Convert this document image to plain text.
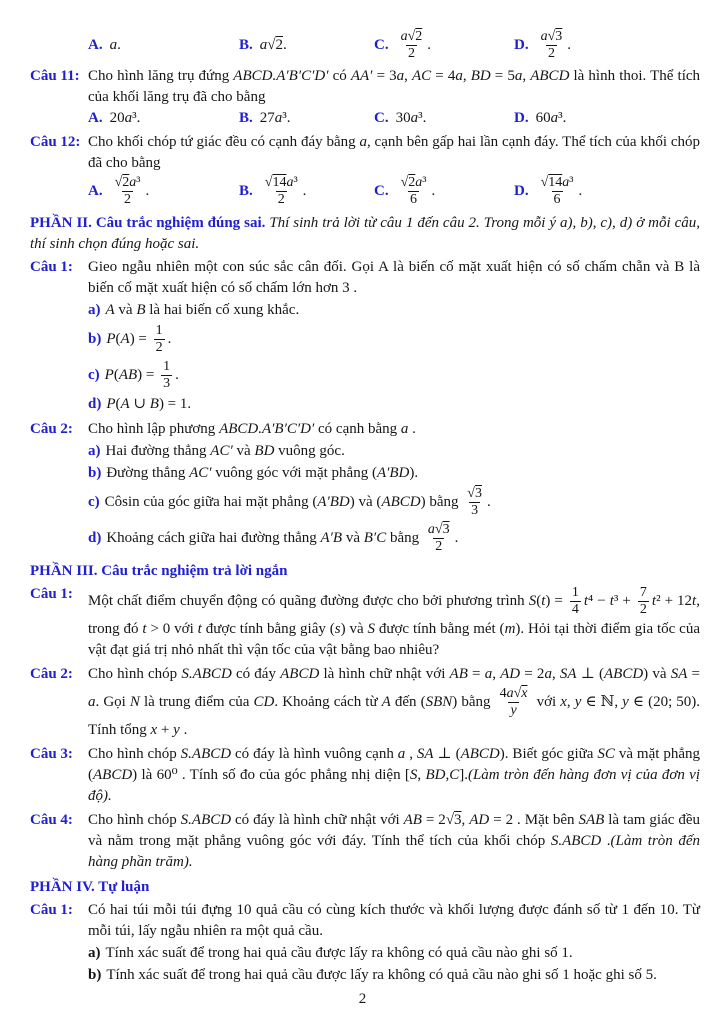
A. a.	B. a√2.	C. $\frac{a√2}{2}$ .	D. $\frac{a√3}{2}$ .
Câu 11: Cho hình lăng trụ đứng ABCD.A′B′C′D′ có AA′ = 3a, AC = 4a, BD = 5a, ABCD là hình thoi. Thể tích của khối lăng trụ đã cho bằng
A. 20a³.	B. 27a³.	C. 30a³.	D. 60a³.
Câu 12: Cho khối chóp tứ giác đều có cạnh đáy bằng a, cạnh bên gấp hai lần cạnh đáy. Thể tích của khối chóp đã cho bằng
A. $\frac{\text{√2a³}}{2}$ .	B. $\frac{\text{√14a³}}{2}$ .	C. $\frac{\text{√2a³}}{6}$ .	D. $\frac{\text{√14a³}}{6}$ .
PHẦN II. Câu trắc nghiệm đúng sai. Thí sinh trả lời từ câu 1 đến câu 2. Trong mỗi ý a), b), c), d) ở mỗi câu, thí sinh chọn đúng hoặc sai.
Câu 1:	Gieo ngẫu nhiên một con súc sắc cân đối. Gọi A là biến cố mặt xuất hiện có số chấm chẵn và B là biến cố mặt xuất hiện có số chấm lớn hơn 3 .
a) A và B là hai biến cố xung khắc.
b) $P(A) = \frac{1}{2}$ .
c) $P(AB) = \frac{1}{3}$ .
d) P(A ∪ B) = 1.
Câu 2:	Cho hình lập phương ABCD.A′B′C′D′ có cạnh bằng a .
a) Hai đường thẳng AC′ và BD vuông góc.
b) Đường thẳng AC′ vuông góc với mặt phẳng (A′BD).
c) Côsin của góc giữa hai mặt phẳng (A′BD) và (ABCD) bằng $\frac{√3}{3}$ .
d) Khoảng cách giữa hai đường thẳng A′B và B′C bằng $\frac{a√3}{2}$ .
PHẦN III. Câu trắc nghiệm trả lời ngắn
Câu 1:	Một chất điểm chuyển động có quãng đường được cho bởi phương trình $S(t) = \frac{1}{4} t^4 - t^3 + \frac{7}{2} t^2 + 12t$, trong đó t > 0 với t được tính bằng giây (s) và S được tính bằng mét (m). Hỏi tại thời điểm gia tốc của vật đạt giá trị nhỏ nhất thì vận tốc của vật bằng bao nhiêu?
Câu 2:	Cho hình chóp S.ABCD có đáy ABCD là hình chữ nhật với AB = a, AD = 2a, SA ⊥ (ABCD) và SA = a. Gọi N là trung điểm của CD. Khoảng cách từ A đến (SBN) bằng $\frac{4a√x}{y}$ với x, y ∈ ℕ, y ∈ (20; 50). Tính tổng x + y .
Câu 3:	Cho hình chóp S.ABCD có đáy là hình vuông cạnh a , SA ⊥ (ABCD). Biết góc giữa SC và mặt phẳng (ABCD) là 60⁰ . Tính số đo của góc phẳng nhị diện [S, BD,C].(Làm tròn đến hàng đơn vị của đơn vị độ).
Câu 4:	Cho hình chóp S.ABCD có đáy là hình chữ nhật với AB = 2√3, AD = 2 . Mặt bên SAB là tam giác đều và nằm trong mặt phẳng vuông góc với đáy. Tính thể tích của khối chóp S.ABCD .(Làm tròn đến hàng phần trăm).
PHẦN IV. Tự luận
Câu 1:	Có hai túi mỗi túi đựng 10 quả cầu có cùng kích thước và khối lượng được đánh số từ 1 đến 10. Từ mỗi túi, lấy ngẫu nhiên ra một quả cầu.
a) Tính xác suất để trong hai quả cầu được lấy ra không có quả cầu nào ghi số 1.
b) Tính xác suất để trong hai quả cầu được lấy ra không có quả cầu nào ghi số 1 hoặc ghi số 5.
2
